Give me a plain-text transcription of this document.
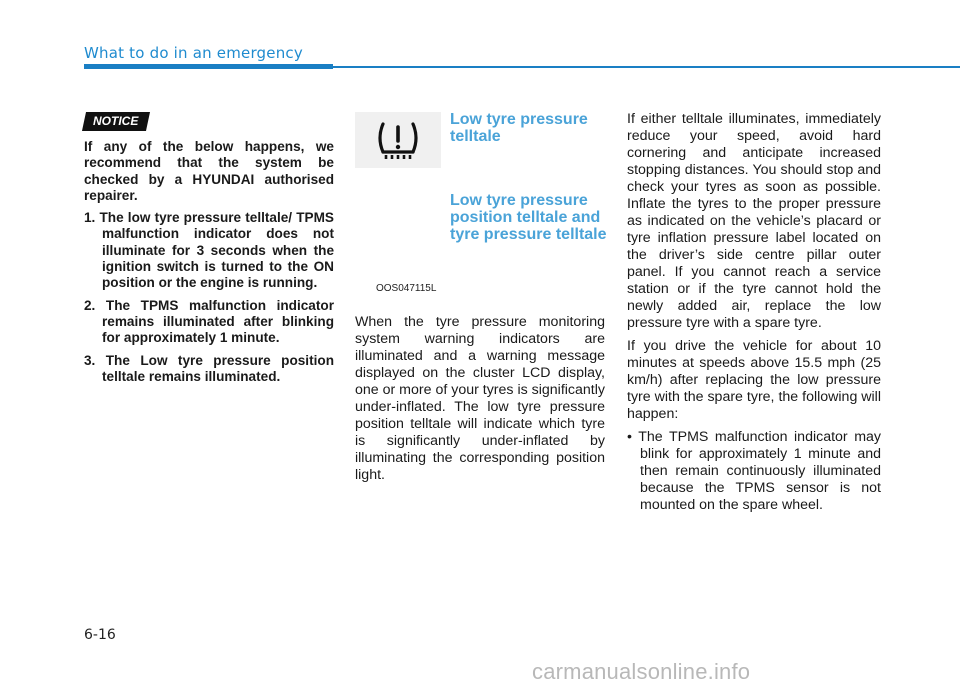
What to do in an emergency
NOTICE

If any of the below happens, we recommend that the system be checked by a HYUNDAI authorised repairer.

1. The low tyre pressure telltale/ TPMS malfunction indicator does not illuminate for 3 seconds when the ignition switch is turned to the ON position or the engine is running.
2. The TPMS malfunction indicator remains illuminated after blinking for approximately 1 minute.
3. The Low tyre pressure position telltale remains illuminated.
Low tyre pressure telltale
Low tyre pressure position telltale and tyre pressure telltale
OOS047115L
When the tyre pressure monitoring system warning indicators are illuminated and a warning message displayed on the cluster LCD display, one or more of your tyres is significantly under-inflated. The low tyre pressure position telltale will indicate which tyre is significantly under-inflated by illuminating the corresponding position light.

If either telltale illuminates, immediately reduce your speed, avoid hard cornering and anticipate increased stopping distances. You should stop and check your tyres as soon as possible. Inflate the tyres to the proper pressure as indicated on the vehicle’s placard or tyre inflation pressure label located on the driver’s side centre pillar outer panel. If you cannot reach a service station or if the tyre cannot hold the newly added air, replace the low pressure tyre with a spare tyre.

If you drive the vehicle for about 10 minutes at speeds above 15.5 mph (25 km/h) after replacing the low pressure tyre with the spare tyre, the following will happen:

• The TPMS malfunction indicator may blink for approximately 1 minute and then remain continuously illuminated because the TPMS sensor is not mounted on the spare wheel.

6-16
carmanualsonline.info
